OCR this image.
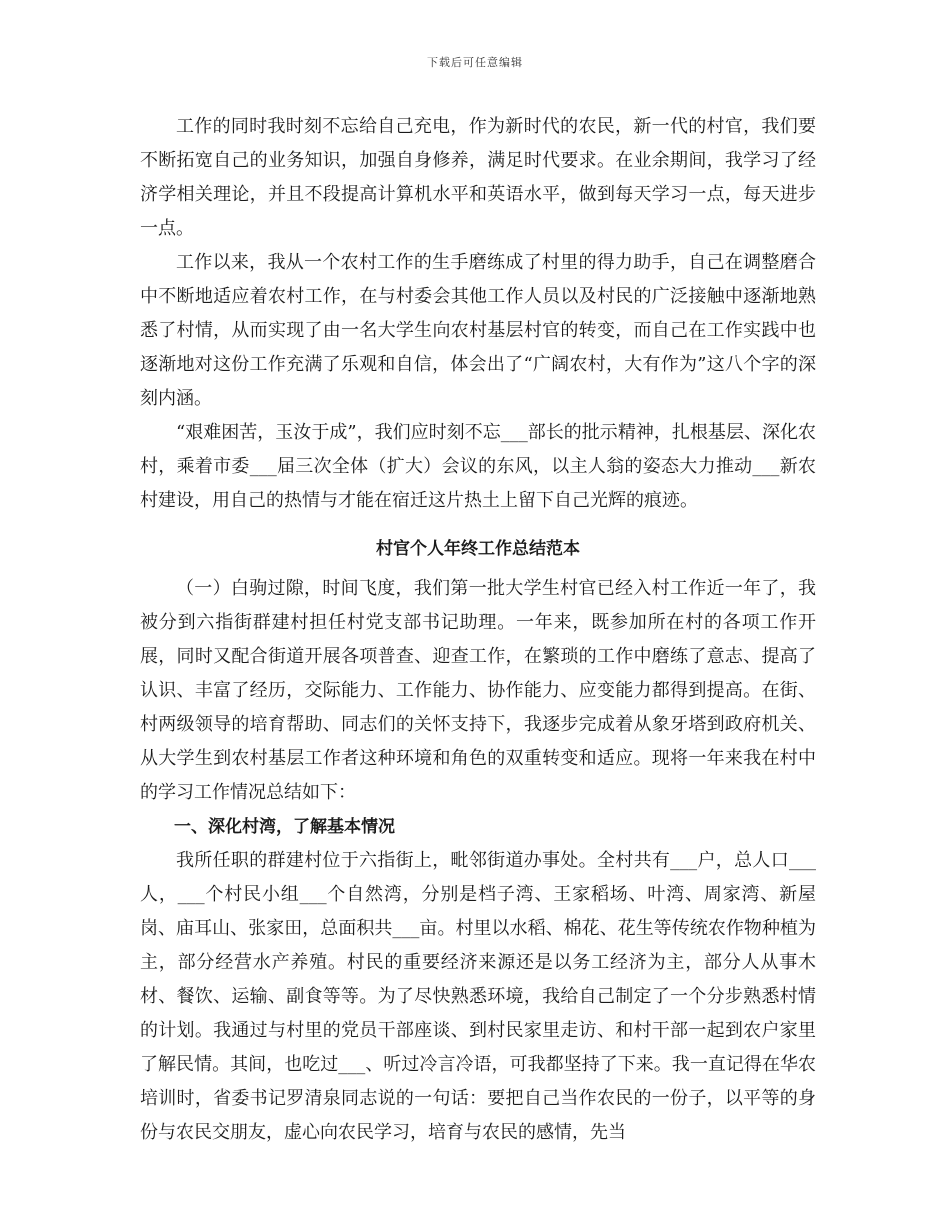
下载后可任意编辑

工作的同时我时刻不忘给自己充电，作为新时代的农民，新一代的村官，我们要不断拓宽自己的业务知识，加强自身修养，满足时代要求。在业余期间，我学习了经济学相关理论，并且不段提高计算机水平和英语水平，做到每天学习一点，每天进步一点。

工作以来，我从一个农村工作的生手磨练成了村里的得力助手，自己在调整磨合中不断地适应着农村工作，在与村委会其他工作人员以及村民的广泛接触中逐渐地熟悉了村情，从而实现了由一名大学生向农村基层村官的转变，而自己在工作实践中也逐渐地对这份工作充满了乐观和自信，体会出了“广阔农村，大有作为”这八个字的深刻内涵。

“艰难困苦，玉汝于成”，我们应时刻不忘___部长的批示精神，扎根基层、深化农村，乘着市委___届三次全体（扩大）会议的东风，以主人翁的姿态大力推动___新农村建设，用自己的热情与才能在宿迁这片热土上留下自己光辉的痕迹。

村官个人年终工作总结范本

（一）白驹过隙，时间飞度，我们第一批大学生村官已经入村工作近一年了，我被分到六指街群建村担任村党支部书记助理。一年来，既参加所在村的各项工作开展，同时又配合街道开展各项普查、迎查工作，在繁琐的工作中磨练了意志、提高了认识、丰富了经历，交际能力、工作能力、协作能力、应变能力都得到提高。在街、村两级领导的培育帮助、同志们的关怀支持下，我逐步完成着从象牙塔到政府机关、从大学生到农村基层工作者这种环境和角色的双重转变和适应。现将一年来我在村中的学习工作情况总结如下：

一、深化村湾，了解基本情况

我所任职的群建村位于六指街上，毗邻街道办事处。全村共有___户，总人口___人，___个村民小组___个自然湾，分别是档子湾、王家稻场、叶湾、周家湾、新屋岗、庙耳山、张家田，总面积共___亩。村里以水稻、棉花、花生等传统农作物种植为主，部分经营水产养殖。村民的重要经济来源还是以务工经济为主，部分人从事木材、餐饮、运输、副食等等。为了尽快熟悉环境，我给自己制定了一个分步熟悉村情的计划。我通过与村里的党员干部座谈、到村民家里走访、和村干部一起到农户家里了解民情。其间，也吃过___、听过冷言冷语，可我都坚持了下来。我一直记得在华农培训时，省委书记罗清泉同志说的一句话：要把自己当作农民的一份子，以平等的身份与农民交朋友，虚心向农民学习，培育与农民的感情，先当
